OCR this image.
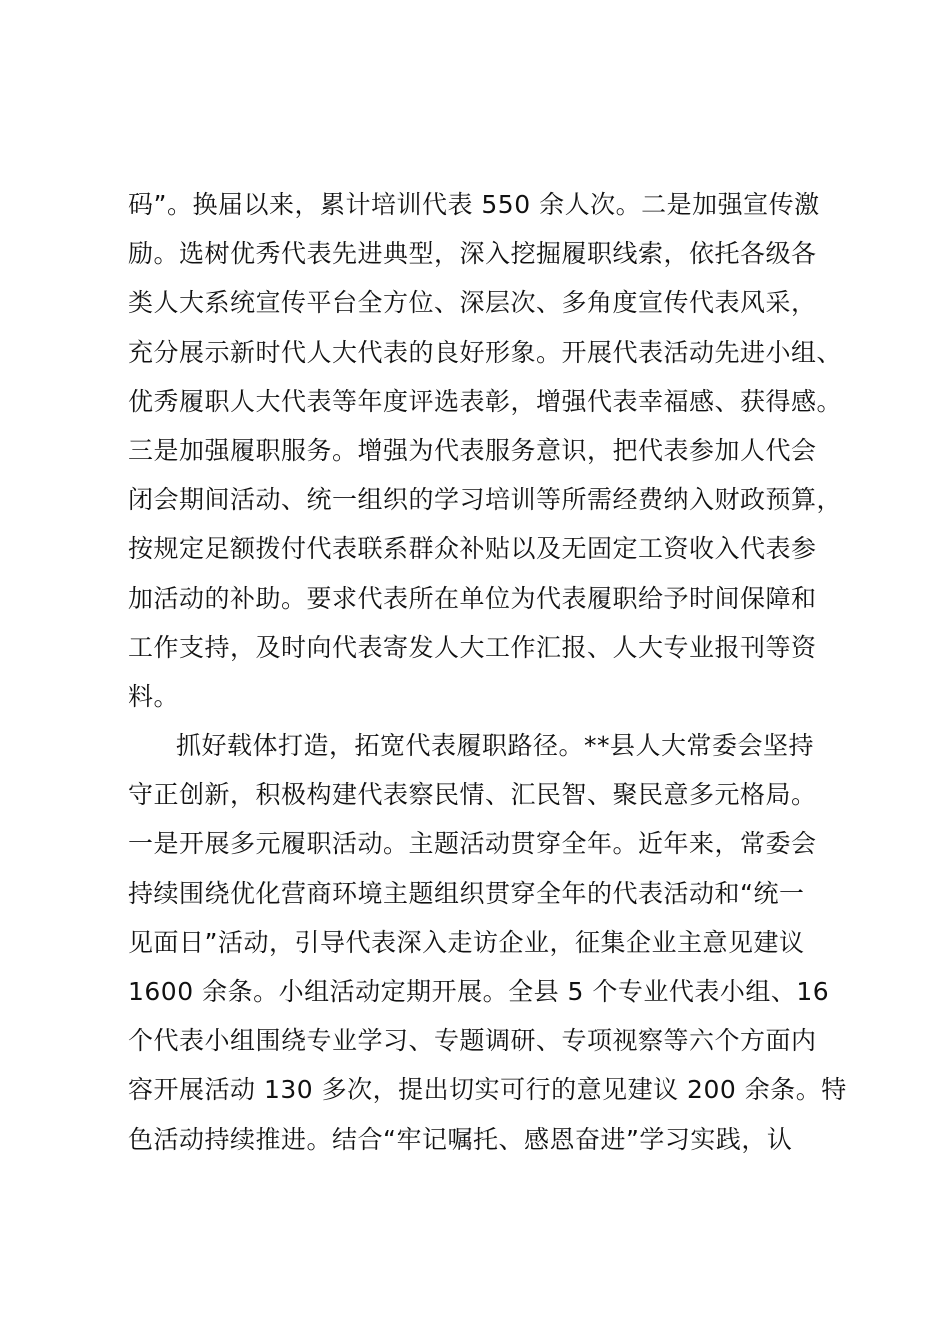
码”。换届以来，累计培训代表 550 余人次。二是加强宣传激
励。选树优秀代表先进典型，深入挖掘履职线索，依托各级各
类人大系统宣传平台全方位、深层次、多角度宣传代表风采，
充分展示新时代人大代表的良好形象。开展代表活动先进小组、
优秀履职人大代表等年度评选表彰，增强代表幸福感、获得感。
三是加强履职服务。增强为代表服务意识，把代表参加人代会
闭会期间活动、统一组织的学习培训等所需经费纳入财政预算，
按规定足额拨付代表联系群众补贴以及无固定工资收入代表参
加活动的补助。要求代表所在单位为代表履职给予时间保障和
工作支持，及时向代表寄发人大工作汇报、人大专业报刊等资
料。
抓好载体打造，拓宽代表履职路径。**县人大常委会坚持
守正创新，积极构建代表察民情、汇民智、聚民意多元格局。
一是开展多元履职活动。主题活动贯穿全年。近年来，常委会
持续围绕优化营商环境主题组织贯穿全年的代表活动和“统一
见面日”活动，引导代表深入走访企业，征集企业主意见建议
1600 余条。小组活动定期开展。全县 5 个专业代表小组、16
个代表小组围绕专业学习、专题调研、专项视察等六个方面内
容开展活动 130 多次，提出切实可行的意见建议 200 余条。特
色活动持续推进。结合“牢记嘱托、感恩奋进”学习实践，认
